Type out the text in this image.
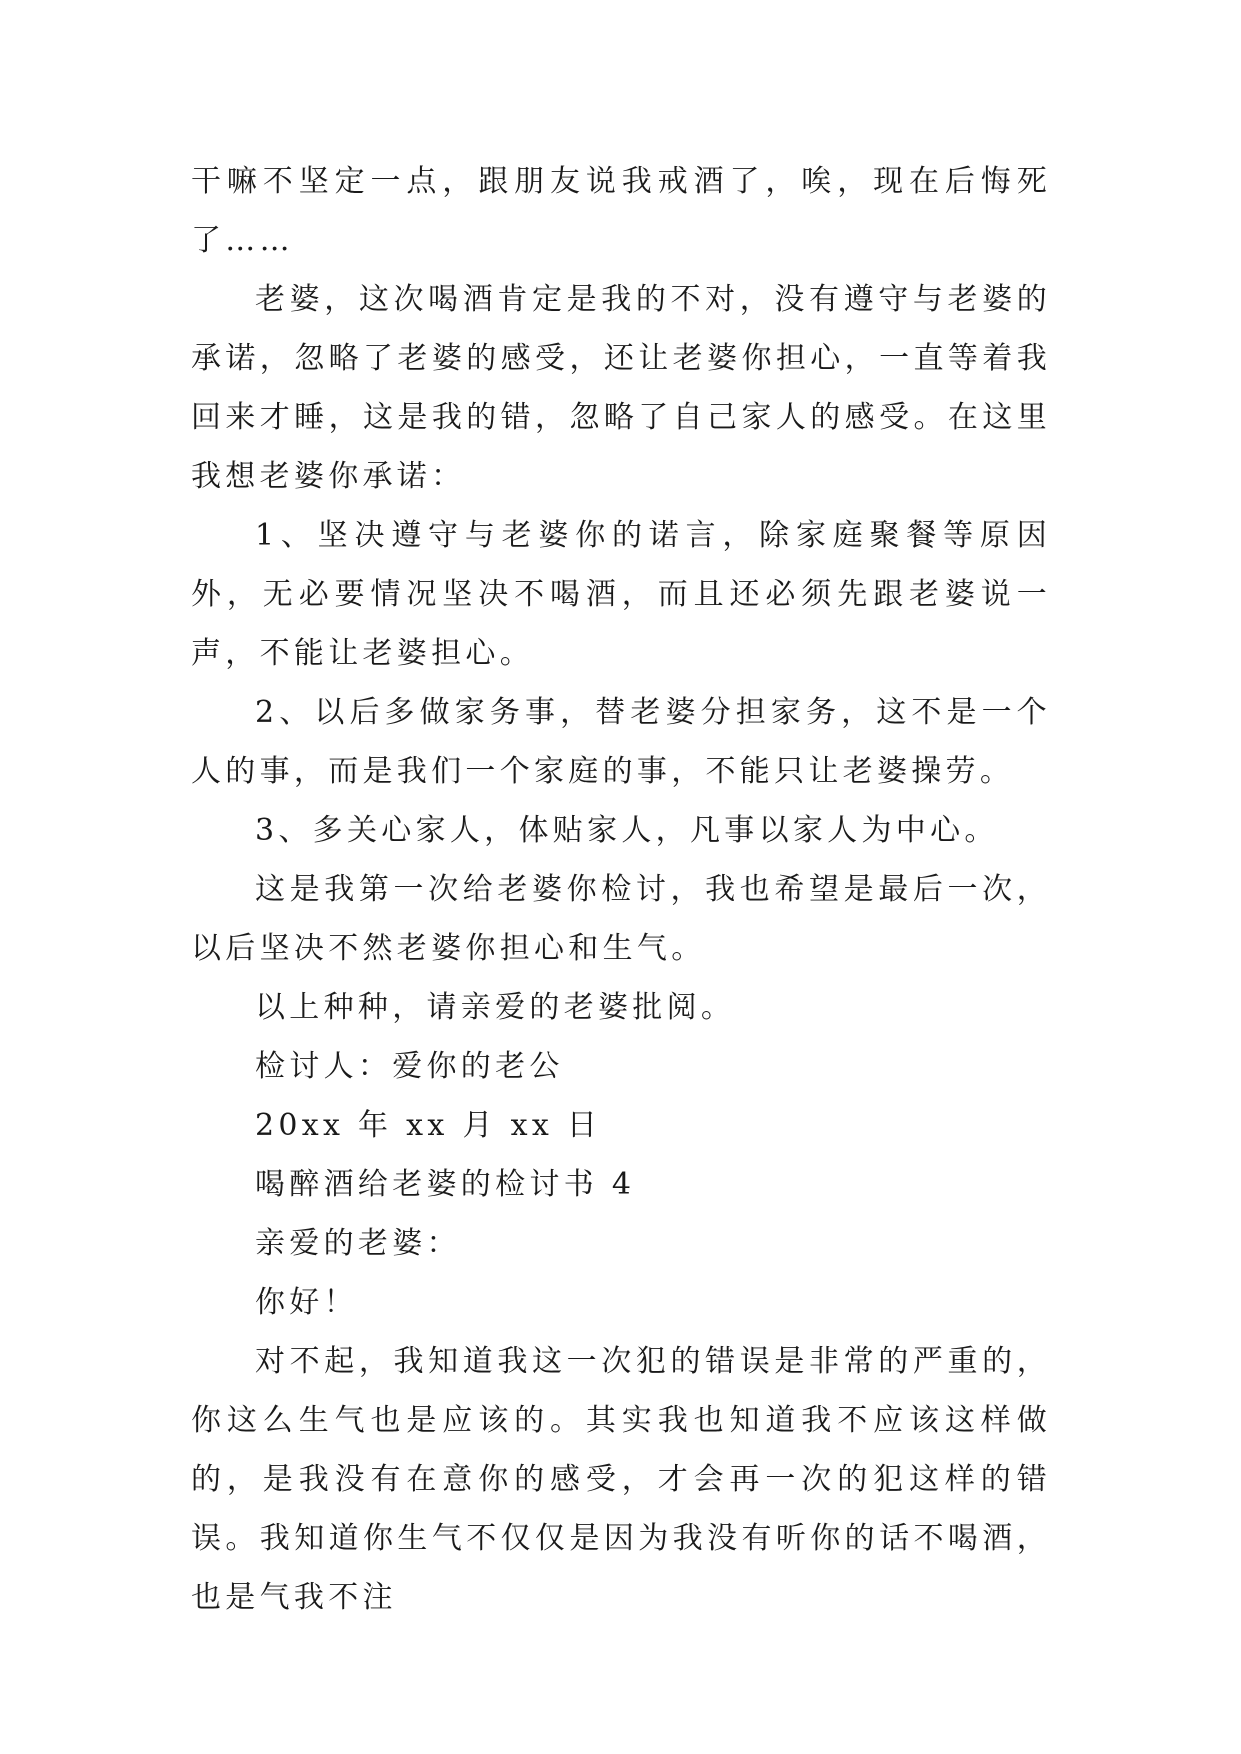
干嘛不坚定一点，跟朋友说我戒酒了，唉，现在后悔死了……

老婆，这次喝酒肯定是我的不对，没有遵守与老婆的承诺，忽略了老婆的感受，还让老婆你担心，一直等着我回来才睡，这是我的错，忽略了自己家人的感受。在这里我想老婆你承诺：

1、坚决遵守与老婆你的诺言，除家庭聚餐等原因外，无必要情况坚决不喝酒，而且还必须先跟老婆说一声，不能让老婆担心。

2、以后多做家务事，替老婆分担家务，这不是一个人的事，而是我们一个家庭的事，不能只让老婆操劳。

3、多关心家人，体贴家人，凡事以家人为中心。

这是我第一次给老婆你检讨，我也希望是最后一次，以后坚决不然老婆你担心和生气。

以上种种，请亲爱的老婆批阅。

检讨人：爱你的老公

20xx 年 xx 月 xx 日

喝醉酒给老婆的检讨书 4

亲爱的老婆：

你好！

对不起，我知道我这一次犯的错误是非常的严重的，你这么生气也是应该的。其实我也知道我不应该这样做的，是我没有在意你的感受，才会再一次的犯这样的错误。我知道你生气不仅仅是因为我没有听你的话不喝酒，也是气我不注
